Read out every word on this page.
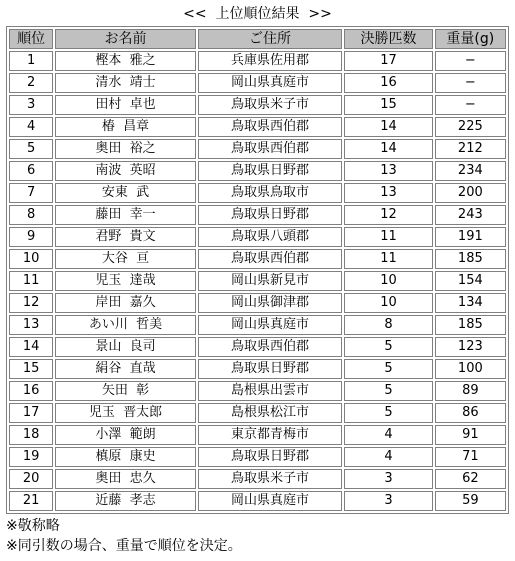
<<  上位順位結果  >>
順位	お名前	ご住所	決勝匹数	重量(g)
1	樫本  雅之	兵庫県佐用郡	17	−
2	清水  靖士	岡山県真庭市	16	−
3	田村  卓也	鳥取県米子市	15	−
4	椿  昌章	鳥取県西伯郡	14	225
5	奥田  裕之	鳥取県西伯郡	14	212
6	南波  英昭	鳥取県日野郡	13	234
7	安東  武	鳥取県鳥取市	13	200
8	藤田  幸一	鳥取県日野郡	12	243
9	君野  貴文	鳥取県八頭郡	11	191
10	大谷  亘	鳥取県西伯郡	11	185
11	児玉  達哉	岡山県新見市	10	154
12	岸田  嘉久	岡山県御津郡	10	134
13	あい川  哲美	岡山県真庭市	8	185
14	景山  良司	鳥取県西伯郡	5	123
15	絹谷  直哉	鳥取県日野郡	5	100
16	矢田  彰	島根県出雲市	5	89
17	児玉  晋太郎	島根県松江市	5	86
18	小澤  範朗	東京都青梅市	4	91
19	槙原  康史	鳥取県日野郡	4	71
20	奥田  忠久	鳥取県米子市	3	62
21	近藤  孝志	岡山県真庭市	3	59
※敬称略
※同引数の場合、重量で順位を決定。
